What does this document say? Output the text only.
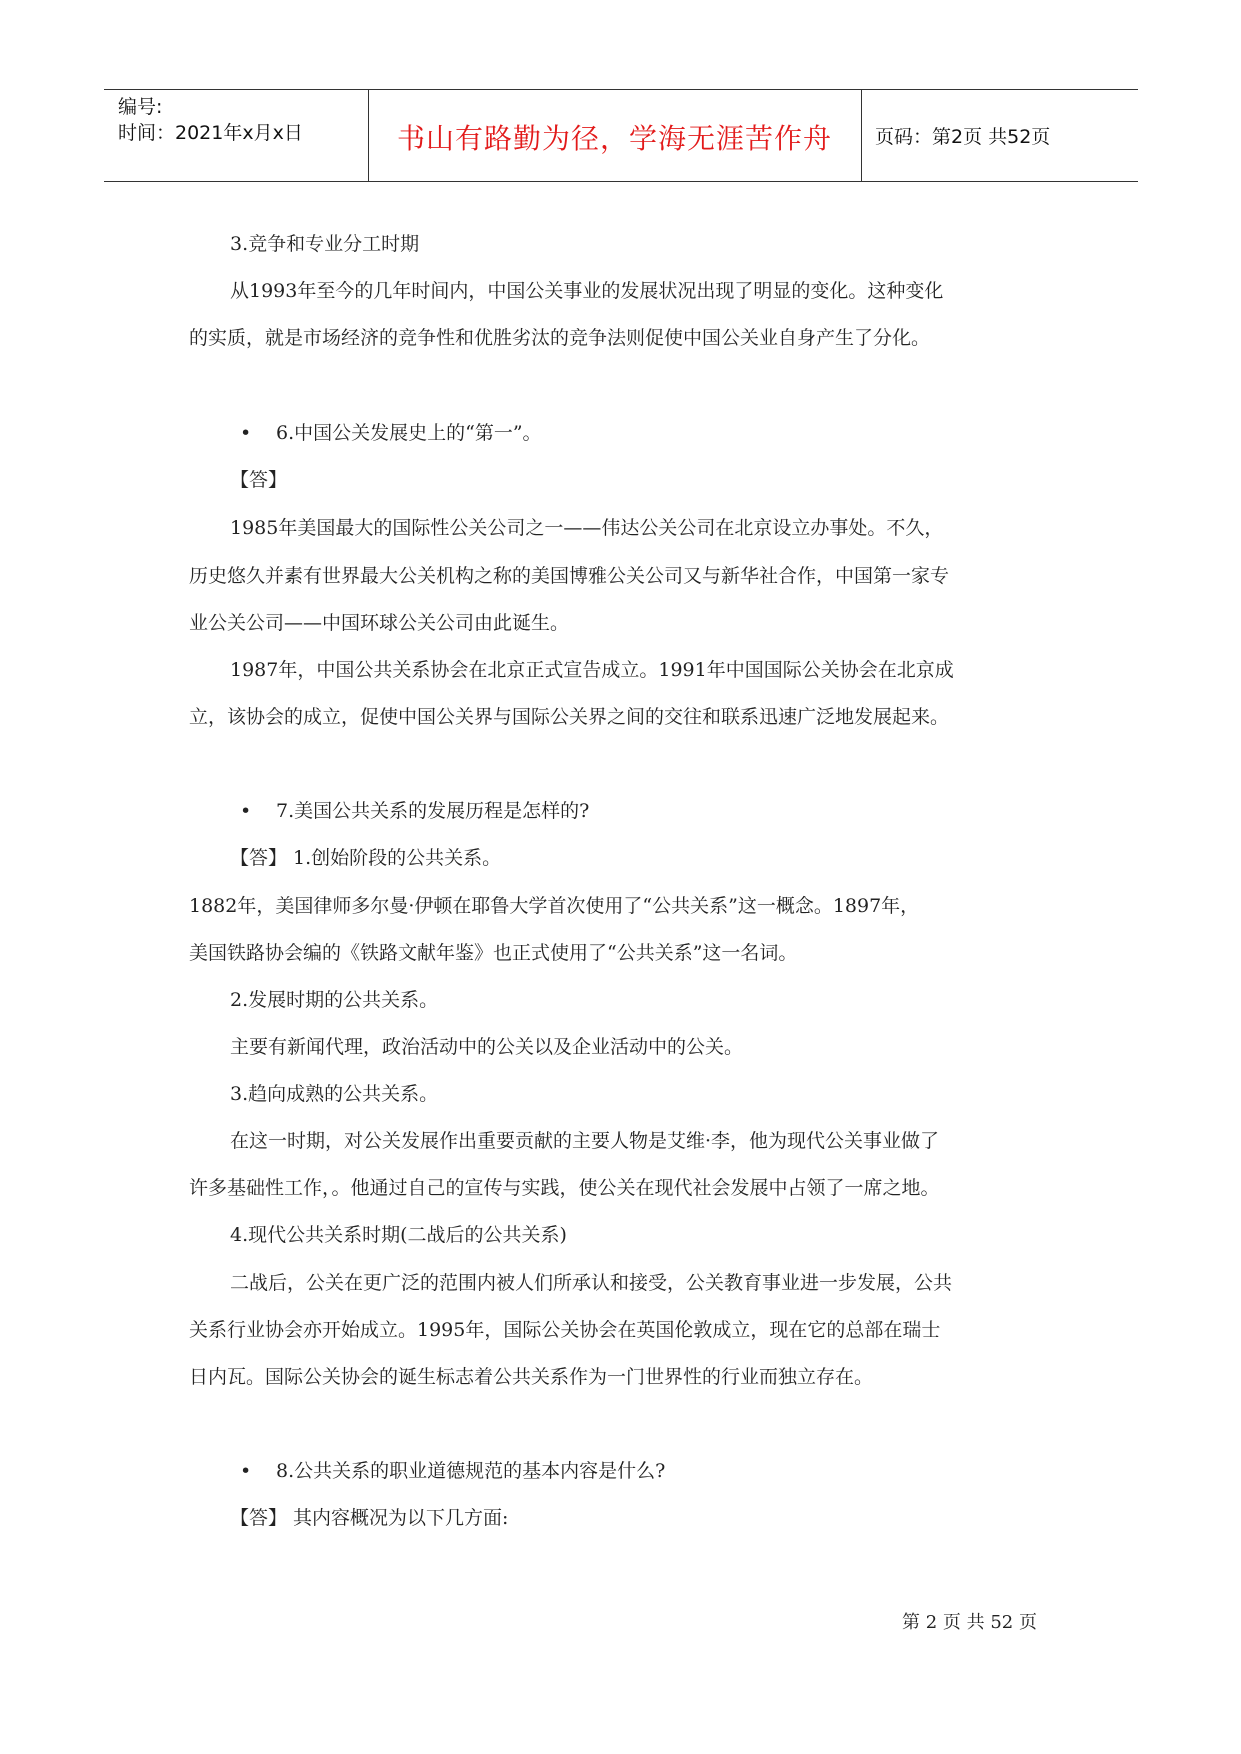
编号:
时间：2021年x月x日	书山有路勤为径，学海无涯苦作舟 页码：第2页 共52页
3.竞争和专业分工时期
从1993年至今的几年时间内，中国公关事业的发展状况出现了明显的变化。这种变化
的实质，就是市场经济的竞争性和优胜劣汰的竞争法则促使中国公关业自身产生了分化。
• 6.中国公关发展史上的“第一”。
【答】
1985年美国最大的国际性公关公司之一——伟达公关公司在北京设立办事处。不久，
历史悠久并素有世界最大公关机构之称的美国博雅公关公司又与新华社合作，中国第一家专
业公关公司——中国环球公关公司由此诞生。
1987年，中国公共关系协会在北京正式宣告成立。1991年中国国际公关协会在北京成
立，该协会的成立，促使中国公关界与国际公关界之间的交往和联系迅速广泛地发展起来。
• 7.美国公共关系的发展历程是怎样的?
【答】 1.创始阶段的公共关系。
1882年，美国律师多尔曼·伊顿在耶鲁大学首次使用了“公共关系”这一概念。1897年，
美国铁路协会编的《铁路文献年鉴》也正式使用了“公共关系”这一名词。
2.发展时期的公共关系。
主要有新闻代理，政治活动中的公关以及企业活动中的公关。
3.趋向成熟的公共关系。
在这一时期，对公关发展作出重要贡献的主要人物是艾维·李，他为现代公关事业做了
许多基础性工作，。他通过自己的宣传与实践，使公关在现代社会发展中占领了一席之地。
4.现代公共关系时期(二战后的公共关系)
二战后，公关在更广泛的范围内被人们所承认和接受，公关教育事业进一步发展，公共
关系行业协会亦开始成立。1995年，国际公关协会在英国伦敦成立，现在它的总部在瑞士
日内瓦。国际公关协会的诞生标志着公共关系作为一门世界性的行业而独立存在。
• 8.公共关系的职业道德规范的基本内容是什么?
【答】 其内容概况为以下几方面:
第 2 页 共 52 页
